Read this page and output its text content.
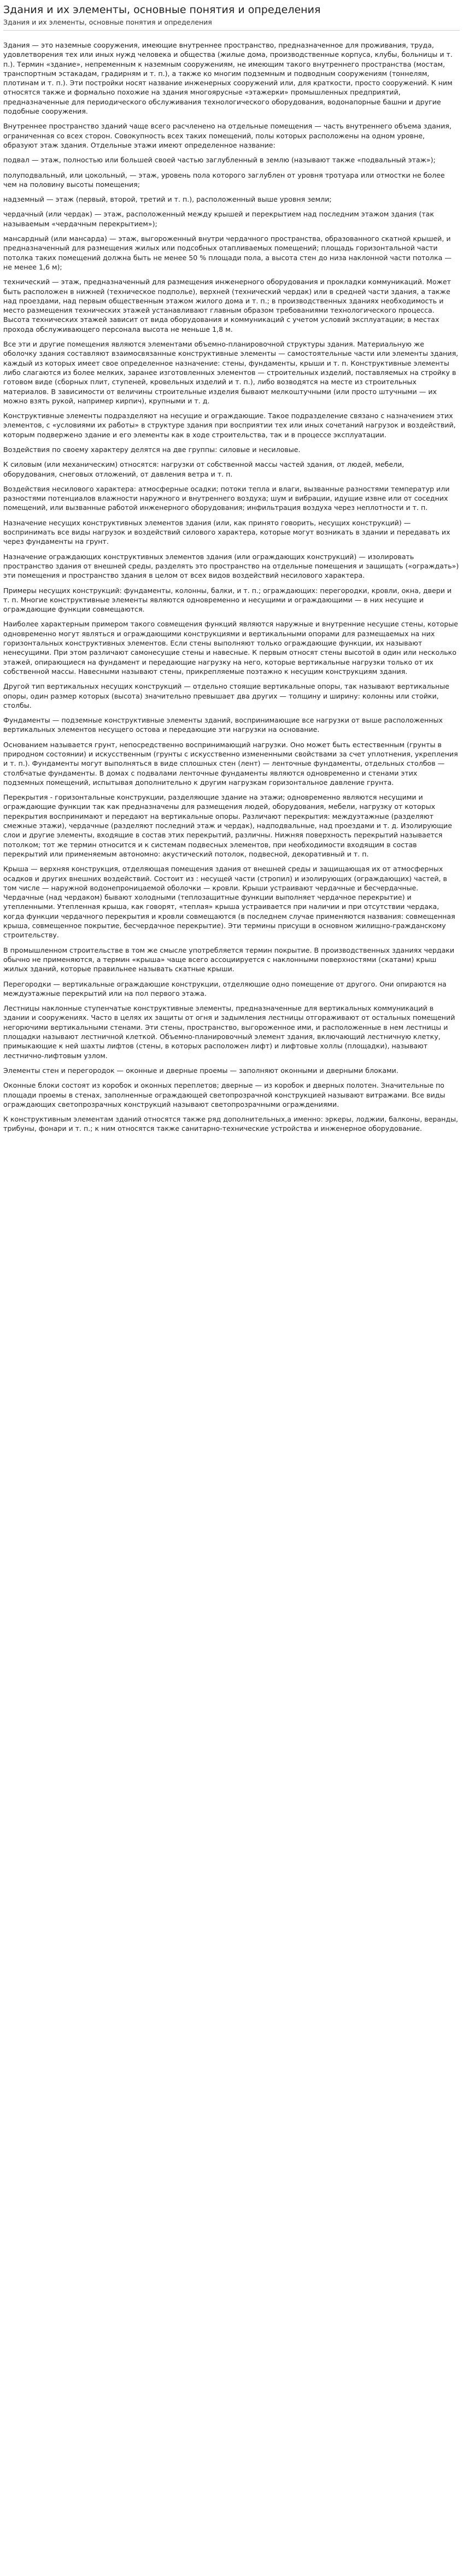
Здания и их элементы, основные понятия и определения
Здания и их элементы, основные понятия и определения

Здания — это наземные сооружения, имеющие внутреннее пространство, предназначенное для проживания, труда, удовлетворения тех или иных нужд человека и общества (жилые дома, производственные корпуса, клубы, больницы и т. п.). Термин «здание», непременным к наземным сооружениям, не имеющим такого внутреннего пространства (мостам, транспортным эстакадам, градирням и т. п.), а также ко многим подземным и подводным сооружениям (тоннелям, плотинам и т. п.). Эти постройки носят название инженерных сооружений или, для краткости, просто сооружений. К ним относятся также и формально похожие на здания многоярусные «этажерки» промышленных предприятий, предназначенные для периодического обслуживания технологического оборудования, водонапорные башни и другие подобные сооружения.

Внутреннее пространство зданий чаще всего расчленено на отдельные помещения — часть внутреннего объема здания, ограниченная со всех сторон. Совокупность всех таких помещений, полы которых расположены на одном уровне, образуют этаж здания. Отдельные этажи имеют определенное название:

подвал — этаж, полностью или большей своей частью заглубленный в землю (называют также «подвальный этаж»);

полуподвальный, или цокольный, — этаж, уровень пола которого заглублен от уровня тротуара или отмостки не более чем на половину высоты помещения;

надземный — этаж (первый, второй, третий и т. п.), расположенный выше уровня земли;

чердачный (или чердак) — этаж, расположенный между крышей и перекрытием над последним этажом здания (так называемым «чердачным перекрытием»);

мансардный (или мансарда) — этаж, выгороженный внутри чердачного пространства, образованного скатной крышей, и предназначенный для размещения жилых или подсобных отапливаемых помещений; площадь горизонтальной части потолка таких помещений должна быть не менее 50 % площади пола, а высота стен до низа наклонной части потолка — не менее 1,6 м);

технический — этаж, предназначенный для размещения инженерного оборудования и прокладки коммуникаций. Может быть расположен в нижней (техническое подполье), верхней (технический чердак) или в средней части здания, а также над проездами, над первым общественным этажом жилого дома и т. п.; в производственных зданиях необходимость и место размещения технических этажей устанавливают главным образом требованиями технологического процесса. Высота технических этажей зависит от вида оборудования и коммуникаций с учетом условий эксплуатации; в местах прохода обслуживающего персонала высота не меньше 1,8 м.

Все эти и другие помещения являются элементами объемно-планировочной структуры здания. Материальную же оболочку здания составляют взаимосвязанные конструктивные элементы — самостоятельные части или элементы здания, каждый из которых имеет свое определенное назначение: стены, фундаменты, крыши и т. п. Конструктивные элементы либо слагаются из более мелких, заранее изготовленных элементов — строительных изделий, поставляемых на стройку в готовом виде (сборных плит, ступеней, кровельных изделий и т. п.), либо возводятся на месте из строительных материалов. В зависимости от величины строительные изделия бывают мелкоштучными (или просто штучными — их можно взять рукой, например кирпич), крупными и т. д.

Конструктивные элементы подразделяют на несущие и ограждающие. Такое подразделение связано с назначением этих элементов, с «условиями их работы» в структуре здания при восприятии тех или иных сочетаний нагрузок и воздействий, которым подвержено здание и его элементы как в ходе строительства, так и в процессе эксплуатации.

Воздействия по своему характеру делятся на две группы: силовые и несиловые.

К силовым (или механическим) относятся: нагрузки от собственной массы частей здания, от людей, мебели, оборудования, снеговых отложений, от давления ветра и т. п.

Воздействия несилового характера: атмосферные осадки; потоки тепла и влаги, вызванные разностями температур или разностями потенциалов влажности наружного и внутреннего воздуха; шум и вибрации, идущие извне или от соседних помещений, или вызванные работой инженерного оборудования; инфильтрация воздуха через неплотности и т. п.

Назначение несущих конструктивных элементов здания (или, как принято говорить, несущих конструкций) — воспринимать все виды нагрузок и воздействий силового характера, которые могут возникать в здании и передавать их через фундаменты на грунт.

Назначение ограждающих конструктивных элементов здания (или ограждающих конструкций) — изолировать пространство здания от внешней среды, разделять это пространство на отдельные помещения и защищать («ограждать») эти помещения и пространство здания в целом от всех видов воздействий несилового характера.

Примеры несущих конструкций: фундаменты, колонны, балки, и т. п.; ограждающих: перегородки, кровли, окна, двери и т. п. Многие конструктивные элементы являются одновременно и несущими и ограждающими — в них несущие и ограждающие функции совмещаются.

Наиболее характерным примером такого совмещения функций являются наружные и внутренние несущие стены, которые одновременно могут являться и ограждающими конструкциями и вертикальными опорами для размещаемых на них горизонтальных конструктивных элементов. Если стены выполняют только ограждающие функции, их называют ненесущими. При этом различают самонесущие стены и навесные. К первым относят стены высотой в один или несколько этажей, опирающиеся на фундамент и передающие нагрузку на него, которые вертикальные нагрузки только от их собственной массы. Навесными называют стены, прикрепляемые поэтажно к несущим конструкциям здания.

Другой тип вертикальных несущих конструкций — отдельно стоящие вертикальные опоры, так называют вертикальные опоры, один размер которых (высота) значительно превышает два других — толщину и ширину: колонны или стойки, столбы.

Фундаменты — подземные конструктивные элементы зданий, воспринимающие все нагрузки от выше расположенных вертикальных элементов несущего остова и передающие эти нагрузки на основание.

Основанием называется грунт, непосредственно воспринимающий нагрузки. Оно может быть естественным (грунты в природном состоянии) и искусственным (грунты с искусственно измененными свойствами за счет уплотнения, укрепления и т. п.). Фундаменты могут выполняться в виде сплошных стен (лент) — ленточные фундаменты, отдельных столбов — столбчатые фундаменты. В домах с подвалами ленточные фундаменты являются одновременно и стенами этих подземных помещений, испытывая дополнительно к другим нагрузкам горизонтальное давление грунта.

Перекрытия - горизонтальные конструкции, разделяющие здание на этажи; одновременно являются несущими и ограждающие функции так как предназначены для размещения людей, оборудования, мебели, нагрузку от которых перекрытия воспринимают и передают на вертикальные опоры. Различают перекрытия: междуэтажные (разделяют смежные этажи), чердачные (разделяют последний этаж и чердак), надподвальные, над проездами и т. д. Изолирующие слои и другие элементы, входящие в состав этих перекрытий, различны. Нижняя поверхность перекрытий называется потолком; тот же термин относится и к системам подвесных элементов, при необходимости входящим в состав перекрытий или применяемым автономно: акустический потолок, подвесной, декоративный и т. п.

Крыша — верхняя конструкция, отделяющая помещения здания от внешней среды и защищающая их от атмосферных осадков и других внешних воздействий. Состоит из : несущей части (стропил) и изолирующих (ограждающих) частей, в том числе — наружной водонепроницаемой оболочки — кровли. Крыши устраивают чердачные и бесчердачные. Чердачные (над чердаком) бывают холодными (теплозащитные функции выполняет чердачное перекрытие) и утепленными. Утепленная крыша, как говорят, «теплая» крыша устраивается при наличии и при отсутствии чердака, когда функции чердачного перекрытия и кровли совмещаются (в последнем случае применяются названия: совмещенная крыша, совмещенное покрытие, бесчердачное перекрытие). Эти термины присущи в основном жилищно-гражданскому строительству.

В промышленном строительстве в том же смысле употребляется термин покрытие. В производственных зданиях чердаки обычно не применяются, а термин «крыша» чаще всего ассоциируется с наклонными поверхностями (скатами) крыш жилых зданий, которые правильнее называть скатные крыши.

Перегородки — вертикальные ограждающие конструкции, отделяющие одно помещение от другого. Они опираются на междуэтажные перекрытий или на пол первого этажа.

Лестницы наклонные ступенчатые конструктивные элементы, предназначенные для вертикальных коммуникаций в здании и сооружениях. Часто в целях их защиты от огня и задымления лестницы отгораживают от остальных помещений негорючими вертикальными стенами. Эти стены, пространство, выгороженное ими, и расположенные в нем лестницы и площадки называют лестничной клеткой. Объемно-планировочный элемент здания, включающий лестничную клетку, примыкающие к ней шахты лифтов (стены, в которых расположен лифт) и лифтовые холлы (площадки), называют лестнично-лифтовым узлом.

Элементы стен и перегородок — оконные и дверные проемы — заполняют оконными и дверными блоками.

Оконные блоки состоят из коробок и оконных переплетов; дверные — из коробок и дверных полотен. Значительные по площади проемы в стенах, заполненные ограждающей светопрозрачной конструкцией называют витражами. Все виды ограждающих светопрозрачных конструкций называют светопрозрачными ограждениями.

К конструктивным элементам зданий относятся также ряд дополнительных,а именно: эркеры, лоджии, балконы, веранды, трибуны, фонари и т. п.; к ним относятся также санитарно-технические устройства и инженерное оборудование.
